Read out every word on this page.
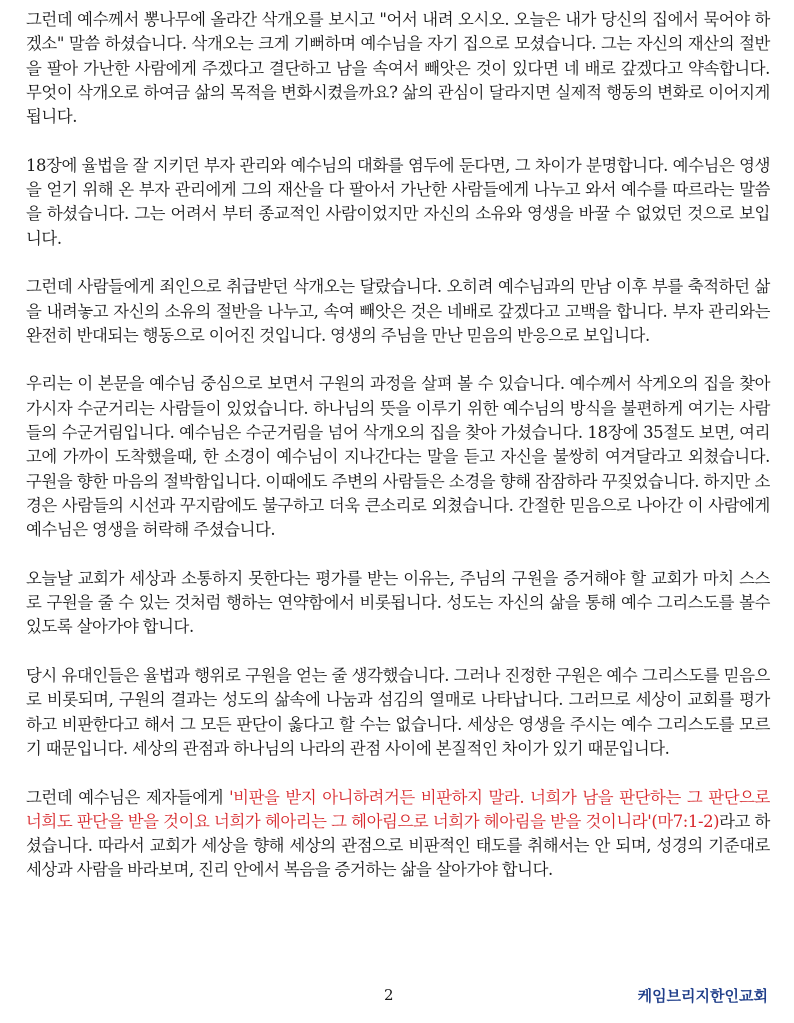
그런데 예수께서 뽕나무에 올라간 삭개오를 보시고 "어서 내려 오시오. 오늘은 내가 당신의 집에서 묵어야 하겠소" 말씀 하셨습니다. 삭개오는 크게 기뻐하며 예수님을 자기 집으로 모셨습니다. 그는 자신의 재산의 절반을 팔아 가난한 사람에게 주겠다고 결단하고 남을 속여서 빼앗은 것이 있다면 네 배로 갚겠다고 약속합니다. 무엇이 삭개오로 하여금 삶의 목적을 변화시켰을까요? 삶의 관심이 달라지면 실제적 행동의 변화로 이어지게 됩니다.

18장에 율법을 잘 지키던 부자 관리와 예수님의 대화를 염두에 둔다면, 그 차이가 분명합니다. 예수님은 영생을 얻기 위해 온 부자 관리에게 그의 재산을 다 팔아서 가난한 사람들에게 나누고 와서 예수를 따르라는 말씀을 하셨습니다. 그는 어려서 부터 종교적인 사람이었지만 자신의 소유와 영생을 바꿀 수 없었던 것으로 보입니다.

그런데 사람들에게 죄인으로 취급받던 삭개오는 달랐습니다. 오히려 예수님과의 만남 이후 부를 축적하던 삶을 내려놓고 자신의 소유의 절반을 나누고, 속여 빼앗은 것은 네배로 갚겠다고 고백을 합니다. 부자 관리와는 완전히 반대되는 행동으로 이어진 것입니다. 영생의 주님을 만난 믿음의 반응으로 보입니다.

우리는 이 본문을 예수님 중심으로 보면서 구원의 과정을 살펴 볼 수 있습니다. 예수께서 삭게오의 집을 찾아가시자 수군거리는 사람들이 있었습니다. 하나님의 뜻을 이루기 위한 예수님의 방식을 불편하게 여기는 사람들의 수군거림입니다. 예수님은 수군거림을 넘어 삭개오의 집을 찾아 가셨습니다. 18장에 35절도 보면, 여리고에 가까이 도착했을때, 한 소경이 예수님이 지나간다는 말을 듣고 자신을 불쌍히 여겨달라고 외쳤습니다. 구원을 향한 마음의 절박함입니다. 이때에도 주변의 사람들은 소경을 향해 잠잠하라 꾸짖었습니다. 하지만 소경은 사람들의 시선과 꾸지람에도 불구하고 더욱 큰소리로 외쳤습니다. 간절한 믿음으로 나아간 이 사람에게 예수님은 영생을 허락해 주셨습니다.

오늘날 교회가 세상과 소통하지 못한다는 평가를 받는 이유는, 주님의 구원을 증거해야 할 교회가 마치 스스로 구원을 줄 수 있는 것처럼 행하는 연약함에서 비롯됩니다. 성도는 자신의 삶을 통해 예수 그리스도를 볼수 있도록 살아가야 합니다.

당시 유대인들은 율법과 행위로 구원을 얻는 줄 생각했습니다. 그러나 진정한 구원은 예수 그리스도를 믿음으로 비롯되며, 구원의 결과는 성도의 삶속에 나눔과 섬김의 열매로 나타납니다. 그러므로 세상이 교회를 평가하고 비판한다고 해서 그 모든 판단이 옳다고 할 수는 없습니다. 세상은 영생을 주시는 예수 그리스도를 모르기 때문입니다. 세상의 관점과 하나님의 나라의 관점 사이에 본질적인 차이가 있기 때문입니다.

그런데 예수님은 제자들에게 '비판을 받지 아니하려거든 비판하지 말라. 너희가 남을 판단하는 그 판단으로 너희도 판단을 받을 것이요 너희가 헤아리는 그 헤아림으로 너희가 헤아림을 받을 것이니라'(마7:1-2)라고 하셨습니다. 따라서 교회가 세상을 향해 세상의 관점으로 비판적인 태도를 취해서는 안 되며, 성경의 기준대로 세상과 사람을 바라보며, 진리 안에서 복음을 증거하는 삶을 살아가야 합니다.

2	케임브리지한인교회
